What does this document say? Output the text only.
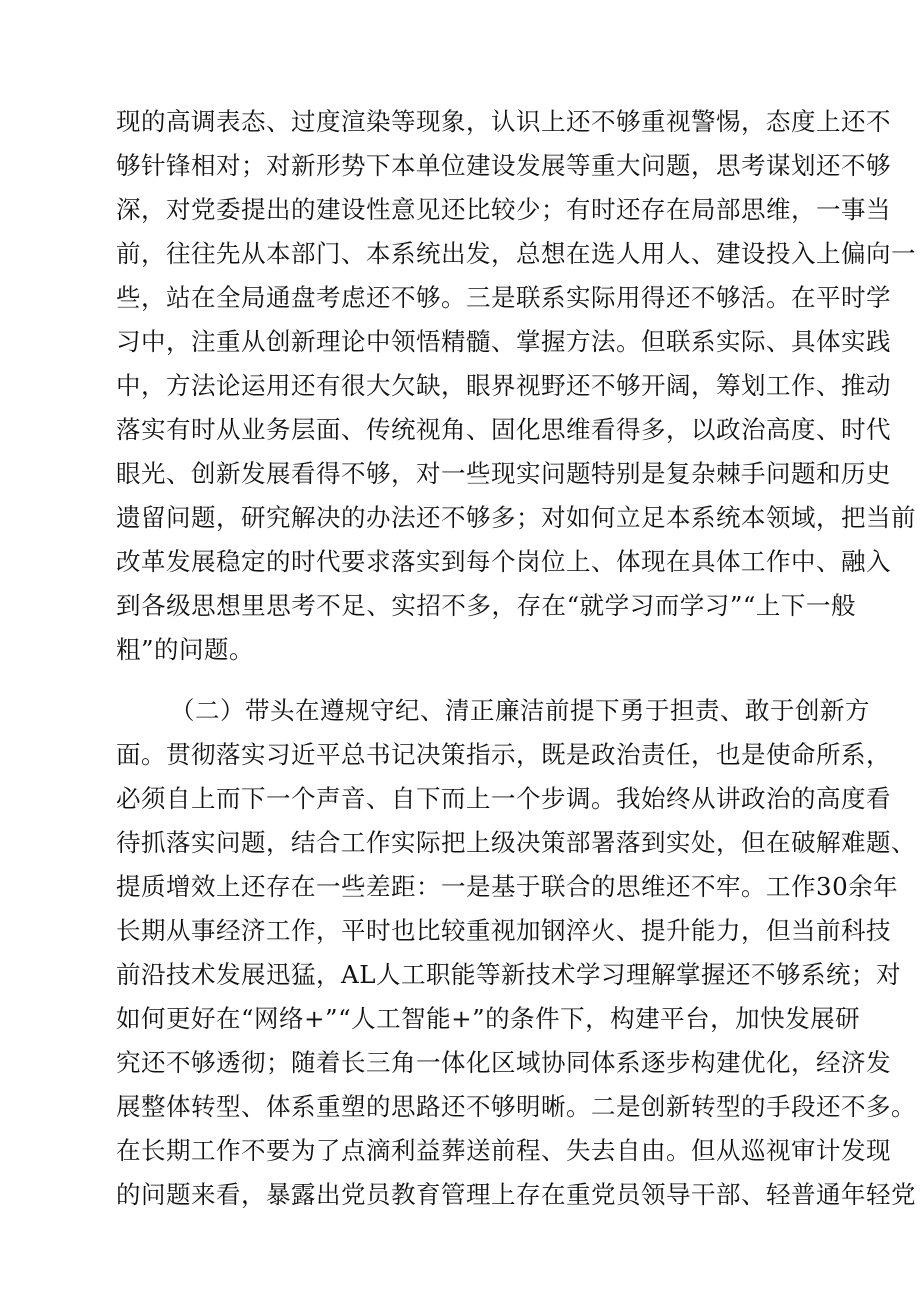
现的高调表态、过度渲染等现象，认识上还不够重视警惕，态度上还不
够针锋相对；对新形势下本单位建设发展等重大问题，思考谋划还不够
深，对党委提出的建设性意见还比较少；有时还存在局部思维，一事当
前，往往先从本部门、本系统出发，总想在选人用人、建设投入上偏向一
些，站在全局通盘考虑还不够。三是联系实际用得还不够活。在平时学
习中，注重从创新理论中领悟精髓、掌握方法。但联系实际、具体实践
中，方法论运用还有很大欠缺，眼界视野还不够开阔，筹划工作、推动
落实有时从业务层面、传统视角、固化思维看得多，以政治高度、时代
眼光、创新发展看得不够，对一些现实问题特别是复杂棘手问题和历史
遗留问题，研究解决的办法还不够多；对如何立足本系统本领域，把当前
改革发展稳定的时代要求落实到每个岗位上、体现在具体工作中、融入
到各级思想里思考不足、实招不多，存在“就学习而学习”“上下一般
粗”的问题。
（二）带头在遵规守纪、清正廉洁前提下勇于担责、敢于创新方
面。贯彻落实习近平总书记决策指示，既是政治责任，也是使命所系，
必须自上而下一个声音、自下而上一个步调。我始终从讲政治的高度看
待抓落实问题，结合工作实际把上级决策部署落到实处，但在破解难题、
提质增效上还存在一些差距：一是基于联合的思维还不牢。工作30余年
长期从事经济工作，平时也比较重视加钢淬火、提升能力，但当前科技
前沿技术发展迅猛，AL人工职能等新技术学习理解掌握还不够系统；对
如何更好在“网络+”“人工智能+”的条件下，构建平台，加快发展研
究还不够透彻；随着长三角一体化区域协同体系逐步构建优化，经济发
展整体转型、体系重塑的思路还不够明晰。二是创新转型的手段还不多。
在长期工作不要为了点滴利益葬送前程、失去自由。但从巡视审计发现
的问题来看，暴露出党员教育管理上存在重党员领导干部、轻普通年轻党
